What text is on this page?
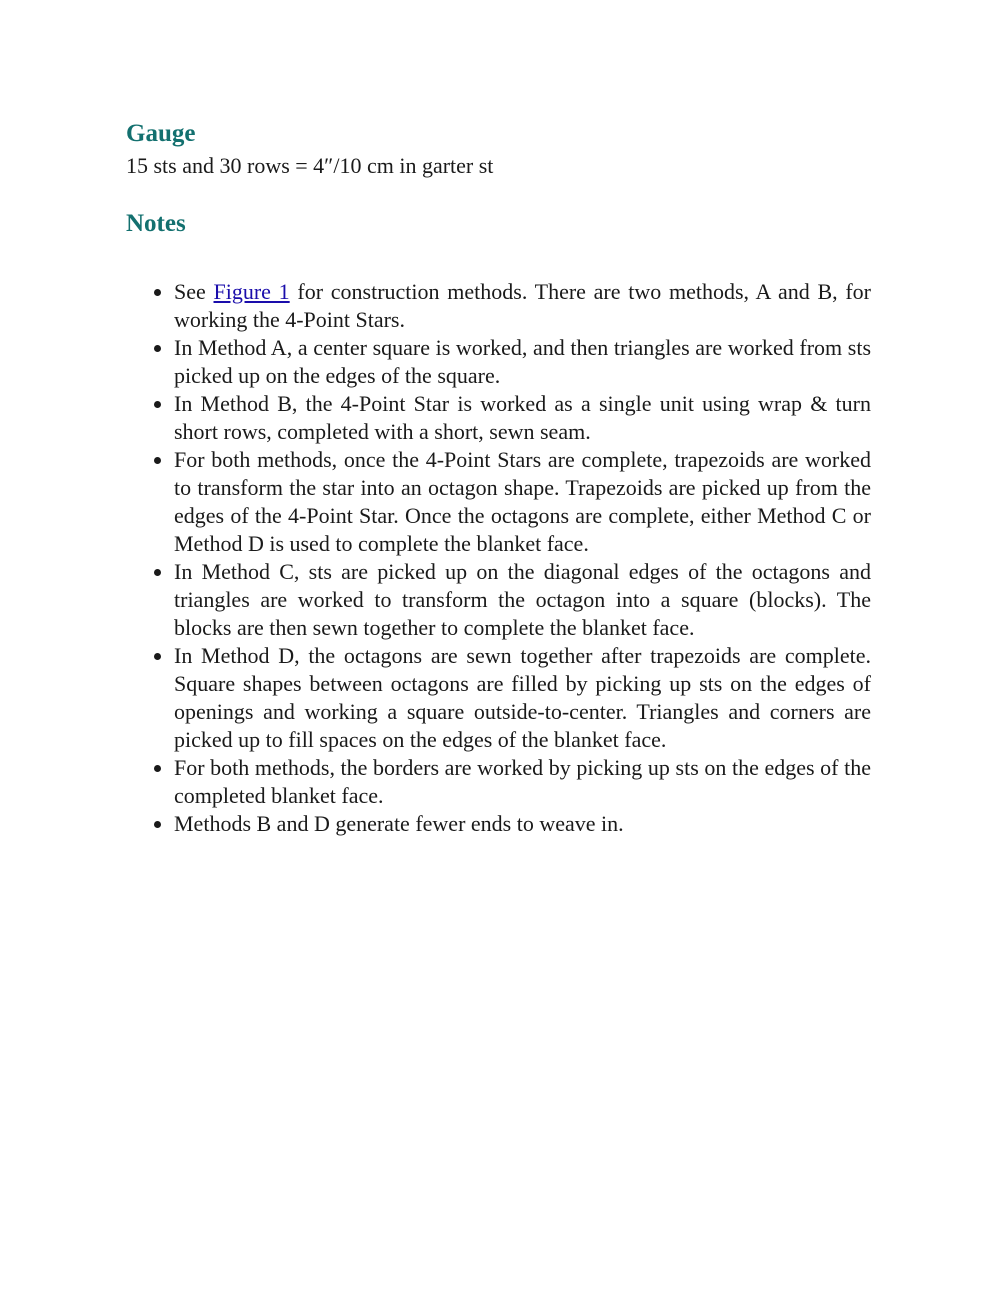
Gauge

15 sts and 30 rows = 4″/10 cm in garter st

Notes
See Figure 1 for construction methods. There are two methods, A and B, for working the 4-Point Stars.
In Method A, a center square is worked, and then triangles are worked from sts picked up on the edges of the square.
In Method B, the 4-Point Star is worked as a single unit using wrap & turn short rows, completed with a short, sewn seam.
For both methods, once the 4-Point Stars are complete, trapezoids are worked to transform the star into an octagon shape. Trapezoids are picked up from the edges of the 4-Point Star. Once the octagons are complete, either Method C or Method D is used to complete the blanket face.
In Method C, sts are picked up on the diagonal edges of the octagons and triangles are worked to transform the octagon into a square (blocks). The blocks are then sewn together to complete the blanket face.
In Method D, the octagons are sewn together after trapezoids are complete. Square shapes between octagons are filled by picking up sts on the edges of openings and working a square outside-to-center. Triangles and corners are picked up to fill spaces on the edges of the blanket face.
For both methods, the borders are worked by picking up sts on the edges of the completed blanket face.
Methods B and D generate fewer ends to weave in.
